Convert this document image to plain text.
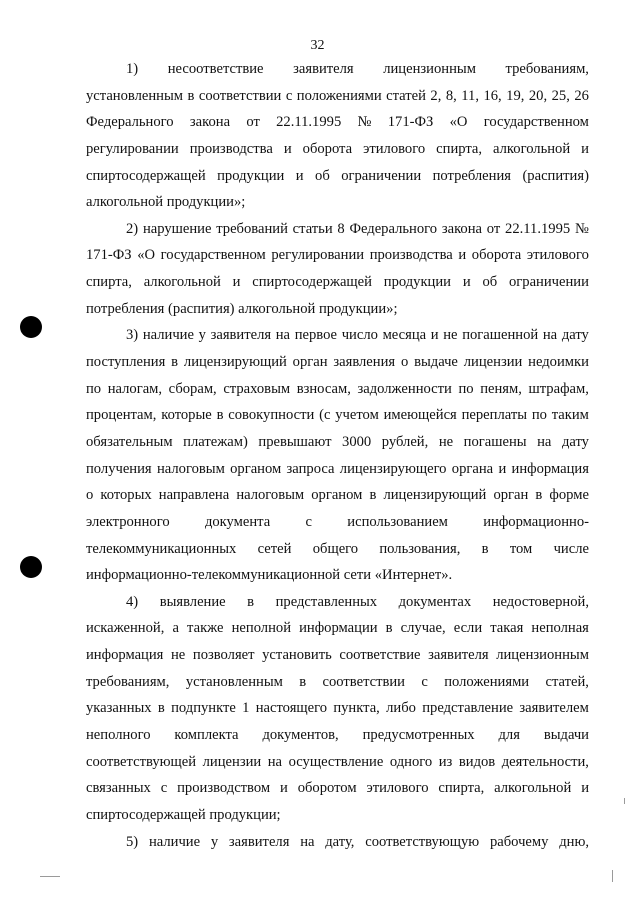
32
1) несоответствие заявителя лицензионным требованиям,
установленным в соответствии с положениями статей 2, 8, 11, 16, 19, 20, 25, 26
Федерального закона от 22.11.1995 № 171-ФЗ «О государственном
регулировании производства и оборота этилового спирта, алкогольной и
спиртосодержащей продукции и об ограничении потребления (распития)
алкогольной продукции»;
2) нарушение требований статьи 8 Федерального закона от 22.11.1995 №
171-ФЗ «О государственном регулировании производства и оборота этилового
спирта, алкогольной и спиртосодержащей продукции и об ограничении
потребления (распития) алкогольной продукции»;
3) наличие у заявителя на первое число месяца и не погашенной на дату
поступления в лицензирующий орган заявления о выдаче лицензии недоимки
по налогам, сборам, страховым взносам, задолженности по пеням, штрафам,
процентам, которые в совокупности (с учетом имеющейся переплаты по таким
обязательным платежам) превышают 3000 рублей, не погашены на дату
получения налоговым органом запроса лицензирующего органа и информация
о которых направлена налоговым органом в лицензирующий орган в форме
электронного документа с использованием информационно-
телекоммуникационных сетей общего пользования, в том числе
информационно-телекоммуникационной сети «Интернет».
4) выявление в представленных документах недостоверной,
искаженной, а также неполной информации в случае, если такая неполная
информация не позволяет установить соответствие заявителя лицензионным
требованиям, установленным в соответствии с положениями статей,
указанных в подпункте 1 настоящего пункта, либо представление заявителем
неполного комплекта документов, предусмотренных для выдачи
соответствующей лицензии на осуществление одного из видов деятельности,
связанных с производством и оборотом этилового спирта, алкогольной и
спиртосодержащей продукции;
5) наличие у заявителя на дату, соответствующую рабочему дню,
